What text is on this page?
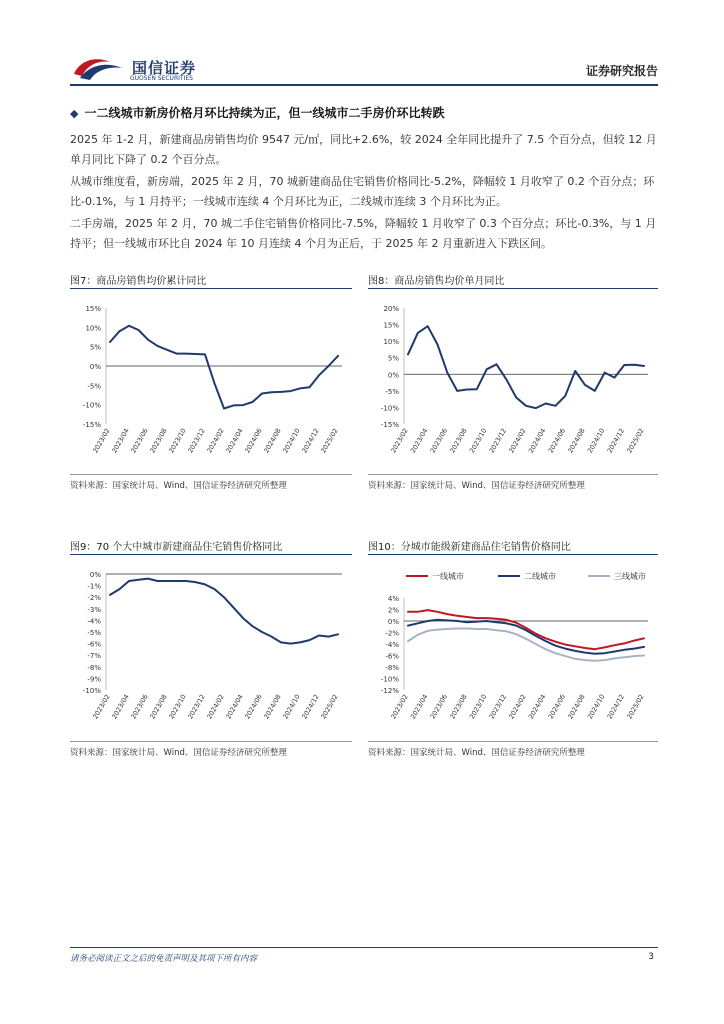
国信证券
GUOSEN SECURITIES
证券研究报告
◆ 一二线城市新房价格月环比持续为正，但一线城市二手房价环比转跌
2025 年 1-2 月，新建商品房销售均价 9547 元/㎡，同比+2.6%，较 2024 全年同比提升了 7.5 个百分点，但较 12 月单月同比下降了 0.2 个百分点。
从城市维度看，新房端，2025 年 2 月，70 城新建商品住宅销售价格同比-5.2%，降幅较 1 月收窄了 0.2 个百分点；环比-0.1%，与 1 月持平；一线城市连续 4 个月环比为正，二线城市连续 3 个月环比为正。
二手房端，2025 年 2 月，70 城二手住宅销售价格同比-7.5%，降幅较 1 月收窄了 0.3 个百分点；环比-0.3%，与 1 月持平；但一线城市环比自 2024 年 10 月连续 4 个月为正后，于 2025 年 2 月重新进入下跌区间。
图7：商品房销售均价累计同比
15%
10%
5%
0%
-5%
-10%
-15%
2023/02
2023/04
2023/06
2023/08
2023/10
2023/12
2024/02
2024/04
2024/06
2024/08
2024/10
2024/12
2025/02
资料来源：国家统计局、Wind、国信证券经济研究所整理
图8：商品房销售均价单月同比
20%
15%
10%
5%
0%
-5%
-10%
-15%
2023/02 2023/04 2023/06 2023/08 2023/10 2023/12 2024/02 2024/04 2024/06 2024/08 2024/10 2024/12 2025/02
资料来源：国家统计局、Wind、国信证券经济研究所整理
图9：70 个大中城市新建商品住宅销售价格同比
0%
-1%
-2%
-3%
-4%
-5%
-6%
-7%
-8%
-9%
-10%
2023/02
2023/04
2023/06
2023/08
2023/10
2023/12
2024/02
2024/04
2024/06
2024/08
2024/10
2024/12
2025/02
资料来源：国家统计局、Wind、国信证券经济研究所整理
图10：分城市能级新建商品住宅销售价格同比
4%
2%
0%
-2%
-4%
-6%
-8%
-10%
-12%
2023/02 2023/04 2023/06 2023/08 2023/10 2023/12 2024/02 2024/04 2024/06 2024/08 2024/10 2024/12 2025/02
一线城市	二线城市	三线城市
资料来源：国家统计局、Wind、国信证券经济研究所整理
请务必阅读正文之后的免责声明及其项下所有内容	3
